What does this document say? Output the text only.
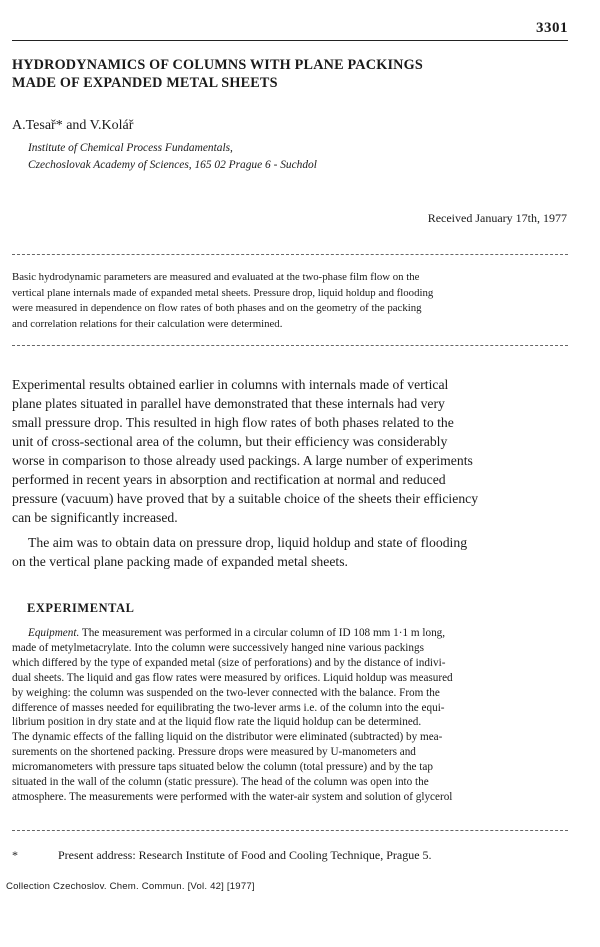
3301
HYDRODYNAMICS OF COLUMNS WITH PLANE PACKINGS
MADE OF EXPANDED METAL SHEETS
A.Tesař* and V.Kolář
Institute of Chemical Process Fundamentals,
Czechoslovak Academy of Sciences, 165 02 Prague 6 - Suchdol
Received January 17th, 1977
Basic hydrodynamic parameters are measured and evaluated at the two-phase film flow on the
vertical plane internals made of expanded metal sheets. Pressure drop, liquid holdup and flooding
were measured in dependence on flow rates of both phases and on the geometry of the packing
and correlation relations for their calculation were determined.
Experimental results obtained earlier in columns with internals made of vertical
plane plates situated in parallel have demonstrated that these internals had very
small pressure drop. This resulted in high flow rates of both phases related to the
unit of cross-sectional area of the column, but their efficiency was considerably
worse in comparison to those already used packings. A large number of experiments
performed in recent years in absorption and rectification at normal and reduced
pressure (vacuum) have proved that by a suitable choice of the sheets their efficiency
can be significantly increased.
The aim was to obtain data on pressure drop, liquid holdup and state of flooding
on the vertical plane packing made of expanded metal sheets.
EXPERIMENTAL
Equipment. The measurement was performed in a circular column of ID 108 mm 1·1 m long,
made of metylmetacrylate. Into the column were successively hanged nine various packings
which differed by the type of expanded metal (size of perforations) and by the distance of indivi-
dual sheets. The liquid and gas flow rates were measured by orifices. Liquid holdup was measured
by weighing: the column was suspended on the two-lever connected with the balance. From the
difference of masses needed for equilibrating the two-lever arms i.e. of the column into the equi-
librium position in dry state and at the liquid flow rate the liquid holdup can be determined.
The dynamic effects of the falling liquid on the distributor were eliminated (subtracted) by mea-
surements on the shortened packing. Pressure drops were measured by U-manometers and
micromanometers with pressure taps situated below the column (total pressure) and by the tap
situated in the wall of the column (static pressure). The head of the column was open into the
atmosphere. The measurements were performed with the water-air system and solution of glycerol
*	Present address: Research Institute of Food and Cooling Technique, Prague 5.
Collection Czechoslov. Chem. Commun. [Vol. 42] [1977]
